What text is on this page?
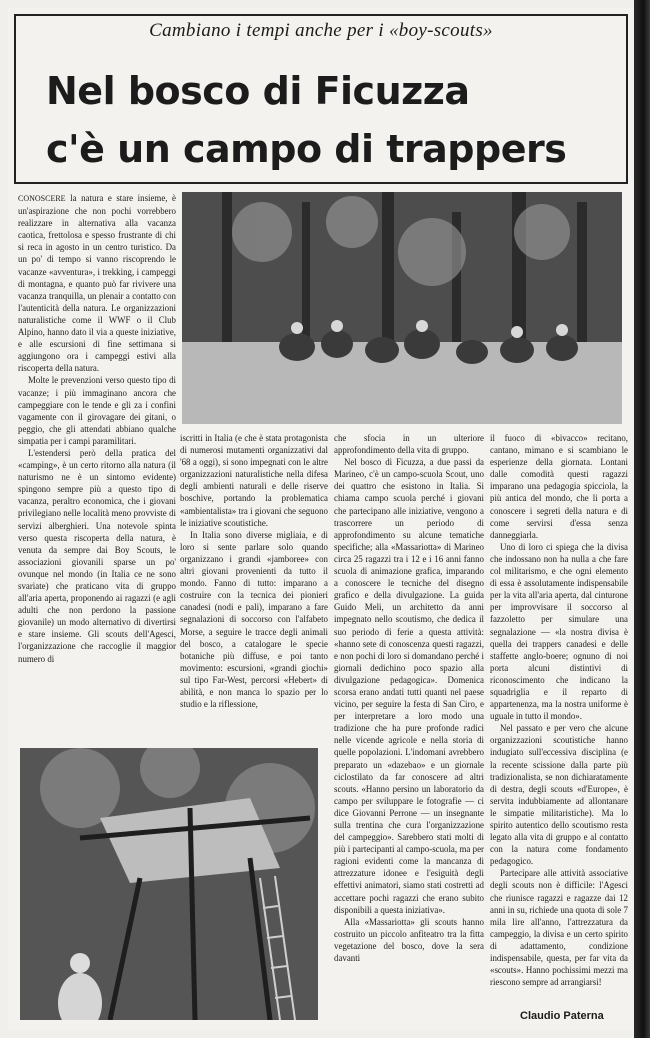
Cambiano i tempi anche per i «boy-scouts»
Nel bosco di Ficuzza
c'è un campo di trappers

CONOSCERE la natura e stare insieme, è un'aspirazione che non pochi vorrebbero realizzare in alternativa alla vacanza caotica, frettolosa e spesso frustrante di chi si reca in agosto in un centro turistico. Da un po' di tempo si vanno riscoprendo le vacanze «avventura», i trekking, i campeggi di montagna, e quanto può far rivivere una vacanza tranquilla, un plenair a contatto con l'autenticità della natura. Le organizzazioni naturalistiche come il WWF o il Club Alpino, hanno dato il via a queste iniziative, e alle escursioni di fine settimana si aggiungono ora i campeggi estivi alla riscoperta della natura.

Molte le prevenzioni verso questo tipo di vacanze; i più immaginano ancora che campeggiare con le tende e gli za i confini vagamente con il girovagare dei gitani, o peggio, che gli attendati abbiano qualche simpatia per i campi paramilitari.

L'estendersi però della pratica del «camping», è un certo ritorno alla natura (il naturismo ne è un sintomo evidente) spingono sempre più a questo tipo di vacanza, peraltro economica, che i giovani privilegiano nelle località meno provviste di servizi alberghieri. Una notevole spinta verso questa riscoperta della natura, è venuta da sempre dai Boy Scouts, le associazioni giovanili sparse un po' ovunque nel mondo (in Italia ce ne sono svariate) che praticano vita di gruppo all'aria aperta, proponendo ai ragazzi (e agli adulti che non perdono la passione giovanile) un modo alternativo di divertirsi e stare insieme. Gli scouts dell'Agesci, l'organizzazione che raccoglie il maggior numero di

iscritti in Italia (e che è stata protagonista di numerosi mutamenti organizzativi dal '68 a oggi), si sono impegnati con le altre organizzazioni naturalistiche nella difesa degli ambienti naturali e delle riserve boschive, portando la problematica «ambientalista» tra i giovani che seguono le iniziative scoutistiche.

In Italia sono diverse migliaia, e di loro si sente parlare solo quando organizzano i grandi «jamboree» con altri giovani provenienti da tutto il mondo. Fanno di tutto: imparano a costruire con la tecnica dei pionieri canadesi (nodi e pali), imparano a fare segnalazioni di soccorso con l'alfabeto Morse, a seguire le tracce degli animali del bosco, a catalogare le specie botaniche più diffuse, e poi tanto movimento: escursioni, «grandi giochi» sul tipo Far-West, percorsi «Hebert» di abilità, e non manca lo spazio per lo studio e la riflessione,

che sfocia in un ulteriore approfondimento della vita di gruppo.

Nel bosco di Ficuzza, a due passi da Marineo, c'è un campo-scuola Scout, uno dei quattro che esistono in Italia. Si chiama campo scuola perché i giovani che partecipano alle iniziative, vengono a trascorrere un periodo di approfondimento su alcune tematiche specifiche; alla «Massariotta» di Marineo circa 25 ragazzi tra i 12 e i 16 anni fanno scuola di animazione grafica, imparando a conoscere le tecniche del disegno grafico e della divulgazione. La guida Guido Meli, un architetto da anni impegnato nello scoutismo, che dedica il suo periodo di ferie a questa attività: «hanno sete di conoscenza questi ragazzi, e non pochi di loro si domandano perché i giornali dedichino poco spazio alla divulgazione pedagogica». Domenica scorsa erano andati tutti quanti nel paese vicino, per seguire la festa di San Ciro, e per interpretare a loro modo una tradizione che ha pure profonde radici nelle vicende agricole e nella storia di quelle popolazioni. L'indomani avrebbero preparato un «dazebao» e un giornale ciclostilato da far conoscere ad altri scouts. «Hanno persino un laboratorio da campo per sviluppare le fotografie — ci dice Giovanni Perrone — un insegnante sulla trentina che cura l'organizzazione del campeggio». Sarebbero stati molti di più i partecipanti al campo-scuola, ma per ragioni evidenti come la mancanza di attrezzature idonee e l'esiguità degli effettivi animatori, siamo stati costretti ad accettare pochi ragazzi che erano subito disponibili a questa iniziativa».

Alla «Massariotta» gli scouts hanno costruito un piccolo anfiteatro tra la fitta vegetazione del bosco, dove la sera davanti

il fuoco di «bivacco» recitano, cantano, mimano e si scambiano le esperienze della giornata. Lontani dalle comodità questi ragazzi imparano una pedagogia spicciola, la più antica del mondo, che li porta a conoscere i segreti della natura e di come servirsi d'essa senza danneggiarla.

Uno di loro ci spiega che la divisa che indossano non ha nulla a che fare col militarismo, e che ogni elemento di essa è assolutamente indispensabile per la vita all'aria aperta, dal cinturone per improvvisare il soccorso al fazzoletto per simulare una segnalazione — «la nostra divisa è quella dei trappers canadesi e delle staffette anglo-boere; ognuno di noi porta alcuni distintivi di riconoscimento che indicano la squadriglia e il reparto di appartenenza, ma la nostra uniforme è uguale in tutto il mondo».

Nel passato e per vero che alcune organizzazioni scoutistiche hanno indugiato sull'eccessiva disciplina (e la recente scissione dalla parte più tradizionalista, se non dichiaratamente di destra, degli scouts «d'Europe», è servita indubbiamente ad allontanare le simpatie militaristiche). Ma lo spirito autentico dello scoutismo resta legato alla vita di gruppo e al contatto con la natura come fondamento pedagogico.

Partecipare alle attività associative degli scouts non è difficile: l'Agesci che riunisce ragazzi e ragazze dai 12 anni in su, richiede una quota di sole 7 mila lire all'anno, l'attrezzatura da campeggio, la divisa e un certo spirito di adattamento, condizione indispensabile, questa, per far vita da «scouts». Hanno pochissimi mezzi ma riescono sempre ad arrangiarsi!

Claudio Paterna
